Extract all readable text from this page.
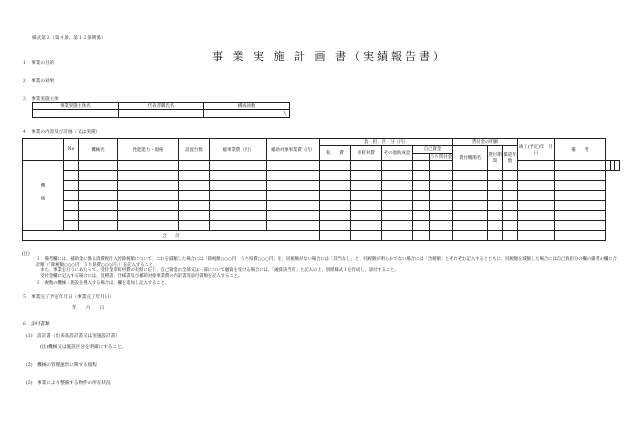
様式第２（第４条、第１２条関係）
事 業 実 施 計 画 書（実績報告書）
１　事業の目的
２　事業の効果
３　事業実施主体
事業実施主体名	代表者職氏名	構成員数
		人
４　事業の内容及び計画（又は実績）
	No	機械名	性能能力・規格	設置台数	総事業費（円）	補助対象事業費（円）	負　担　区　分（円）					貸付金の明細			竣工(予定)年　月　日	備　　考			
							私　　費	市町村費	その他助成金	自己資金		貸付機関名	貸付期間	償還年数					
											うち貸付金								
機　　械																			

合　　計																			
(注)
１　備考欄には、補助金に係る消費税仕入控除税額について、これを減額した場合には「除税額○○○円　うち県費○○○円」を、同税額がない場合には「該当なし」と、同税額が明らかでない場合には「含税額」とそれぞれ記入するとともに、同税額を減額した場合には自己負担分の欄の備考の欄に合計額（「除税額○○○円　うち県費○○○円」）を記入すること。
　また、事業を行うにあたって、受付金市町村費の有無に応じ、自己資金の全部又は一部について融資を受ける場合には、「融資該当有」と記入の上、別紙様式１を作成し、添付すること。
　受付金欄に記入する場合には、見積書、仕様書及び補助対象事業費の内訳書等添付書類を記入すること。
２　複数の機械・施設を導入する場合は、欄を追加し記入すること。
５　事業完了予定年月日（事業完了年月日）
年　　月　　日
６　添付書類
(1)　設計書（出来高設計書又は実施設計書）
(注)機械又は施設区分を明確にすること。
(2)　機械の管理運営に関する規程
(3)　事業により整備する物件の所在状況
